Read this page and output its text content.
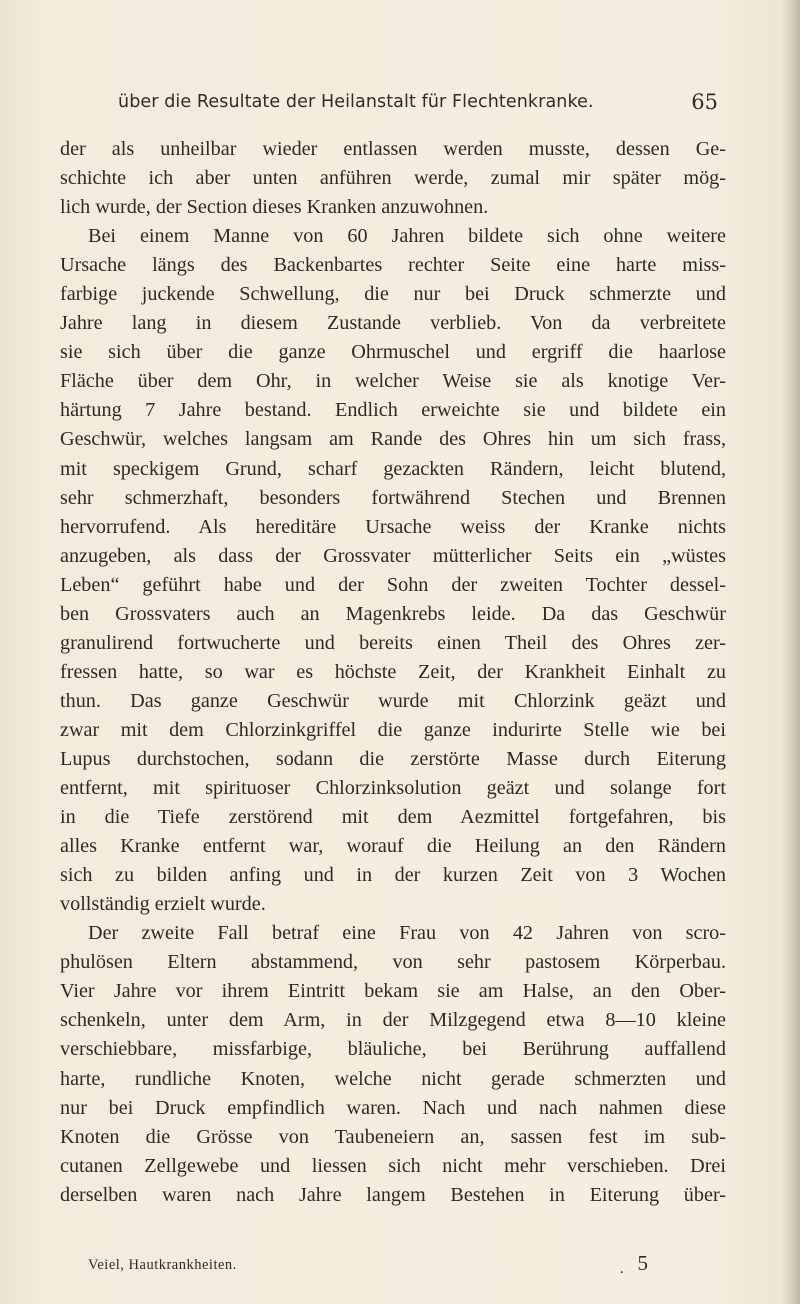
über die Resultate der Heilanstalt für Flechtenkranke.	65
der als unheilbar wieder entlassen werden musste, dessen Ge-
schichte ich aber unten anführen werde, zumal mir später mög-
lich wurde, der Section dieses Kranken anzuwohnen.
Bei einem Manne von 60 Jahren bildete sich ohne weitere
Ursache längs des Backenbartes rechter Seite eine harte miss-
farbige juckende Schwellung, die nur bei Druck schmerzte und
Jahre lang in diesem Zustande verblieb. Von da verbreitete
sie sich über die ganze Ohrmuschel und ergriff die haarlose
Fläche über dem Ohr, in welcher Weise sie als knotige Ver-
härtung 7 Jahre bestand. Endlich erweichte sie und bildete ein
Geschwür, welches langsam am Rande des Ohres hin um sich frass,
mit speckigem Grund, scharf gezackten Rändern, leicht blutend,
sehr schmerzhaft, besonders fortwährend Stechen und Brennen
hervorrufend. Als hereditäre Ursache weiss der Kranke nichts
anzugeben, als dass der Grossvater mütterlicher Seits ein „wüstes
Leben“ geführt habe und der Sohn der zweiten Tochter dessel-
ben Grossvaters auch an Magenkrebs leide. Da das Geschwür
granulirend fortwucherte und bereits einen Theil des Ohres zer-
fressen hatte, so war es höchste Zeit, der Krankheit Einhalt zu
thun. Das ganze Geschwür wurde mit Chlorzink geäzt und
zwar mit dem Chlorzinkgriffel die ganze indurirte Stelle wie bei
Lupus durchstochen, sodann die zerstörte Masse durch Eiterung
entfernt, mit spirituoser Chlorzinksolution geäzt und solange fort
in die Tiefe zerstörend mit dem Aezmittel fortgefahren, bis
alles Kranke entfernt war, worauf die Heilung an den Rändern
sich zu bilden anfing und in der kurzen Zeit von 3 Wochen
vollständig erzielt wurde.
Der zweite Fall betraf eine Frau von 42 Jahren von scro-
phulösen Eltern abstammend, von sehr pastosem Körperbau.
Vier Jahre vor ihrem Eintritt bekam sie am Halse, an den Ober-
schenkeln, unter dem Arm, in der Milzgegend etwa 8—10 kleine
verschiebbare, missfarbige, bläuliche, bei Berührung auffallend
harte, rundliche Knoten, welche nicht gerade schmerzten und
nur bei Druck empfindlich waren. Nach und nach nahmen diese
Knoten die Grösse von Taubeneiern an, sassen fest im sub-
cutanen Zellgewebe und liessen sich nicht mehr verschieben. Drei
derselben waren nach Jahre langem Bestehen in Eiterung über-
Veiel, Hautkrankheiten.	. 5
